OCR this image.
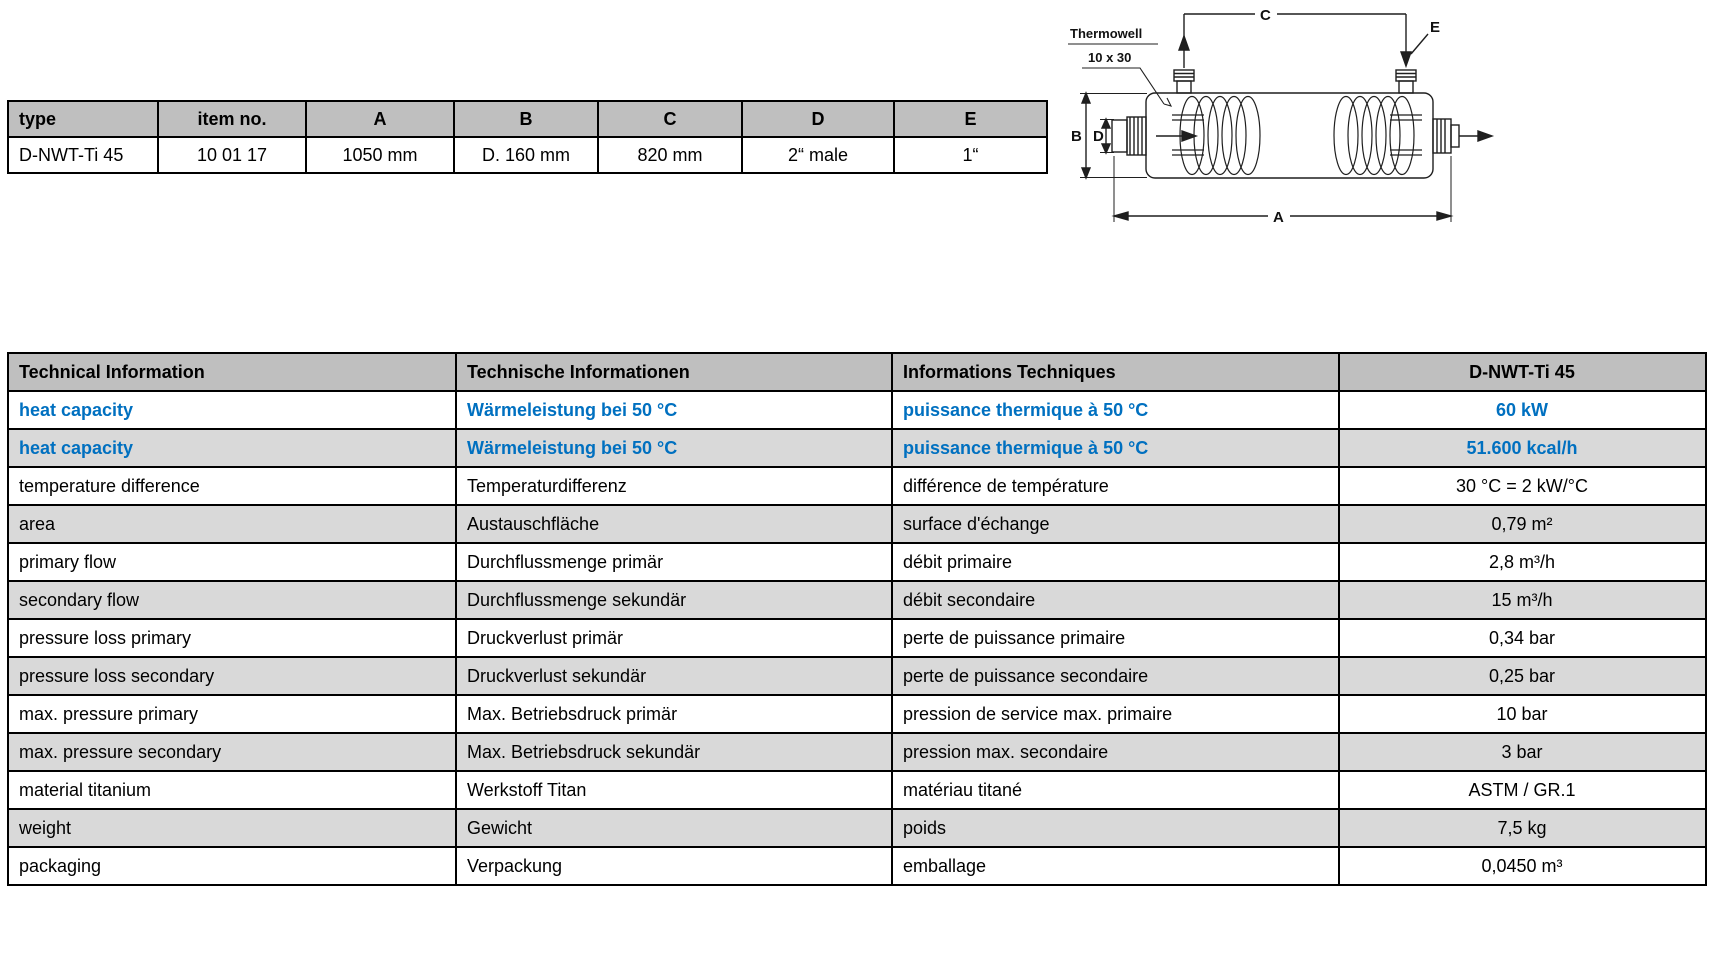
type	item no.	A	B	C	D	E
D-NWT-Ti 45	10 01 17	1050 mm	D. 160 mm	820 mm	2“ male	1“
Thermowell
10 x 30
C
E
B D
A
Technical Information	Technische Informationen	Informations Techniques	D-NWT-Ti 45
heat capacity	Wärmeleistung bei 50 °C	puissance thermique à 50 °C	60 kW
heat capacity	Wärmeleistung bei 50 °C	puissance thermique à 50 °C	51.600 kcal/h
temperature difference	Temperaturdifferenz	différence de température	30 °C = 2 kW/°C
area	Austauschfläche	surface d'échange	0,79 m²
primary flow	Durchflussmenge primär	débit primaire	2,8 m³/h
secondary flow	Durchflussmenge sekundär	débit secondaire	15 m³/h
pressure loss primary	Druckverlust primär	perte de puissance primaire	0,34 bar
pressure loss secondary	Druckverlust sekundär	perte de puissance secondaire	0,25 bar
max. pressure primary	Max. Betriebsdruck primär	pression de service max. primaire	10 bar
max. pressure secondary	Max. Betriebsdruck sekundär	pression max. secondaire	3 bar
material titanium	Werkstoff Titan	matériau titané	ASTM / GR.1
weight	Gewicht	poids	7,5 kg
packaging	Verpackung	emballage	0,0450 m³
